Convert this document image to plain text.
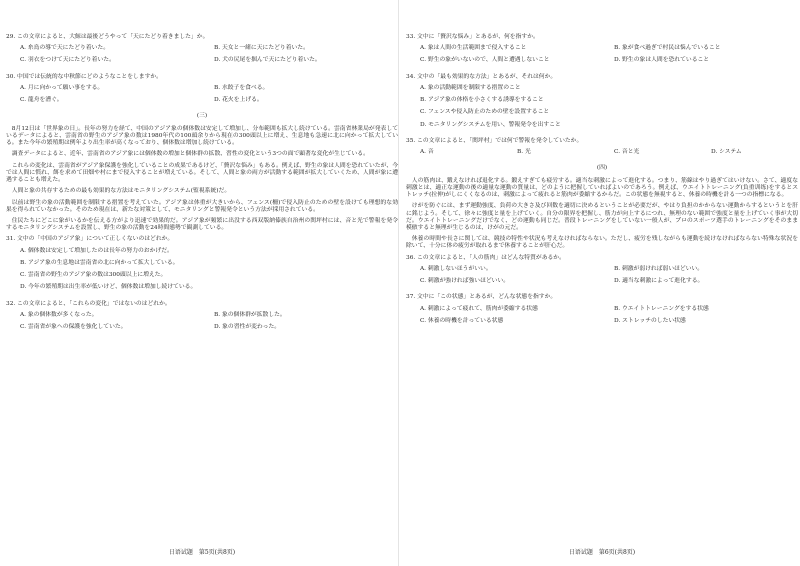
29. この文章によると、大鯨は最後どうやって「天にたどり着きました」か。

A. 糸鳥の導で天にたどり着いた。	B. 天女と一緒に天にたどり着いた。

C. 羽衣をつけて天にたどり着いた。	D. 犬の尻尾を掴んで天にたどり着いた。

30. 中国では伝統的な中秋節にどのようなことをしますか。

A. 月に向かって願い事をする。	B. 水餃子を食べる。

C. 龍舟を漕ぐ。	D. 花火を上げる。

(三)

8月12日は「世界象の日」。長年の努力を経て、中国のアジア象の個体数は安定して増加し、分布範囲も拡大し続けている。雲南省林業局が発表しているデータによると、雲南省の野生のアジア象の数は1980年代の100頭余りから現在の300頭以上に増え、生息地も急速に北に向かって拡大している。また今年の繁殖期は例年より出生率が高くなっており、個体数は増加し続けている。

調査データによると、近年、雲南省のアジア象には個体数の増加と個体群の拡散、習性の変化という3つの面で顕著な変化が生じている。

これらの変化は、雲南省がアジア象保護を強化していることの成果であるけど、「贅沢な悩み」もある。例えば、野生の象は人間を恐れていたが、今では人間に慣れ、餌を求めて田畑や村にまで侵入することが増えている。そして、人間と象の両方が活動する範囲が拡大していくため、人間が象に遭遇することも増えた。

人間と象の共存するための最も効果的な方法はモニタリングシステム(監視系統)だ。

以前は野生の象の活動範囲を制限する措置を考えていた。アジア象は体重が大きいから、フェンス(柵)で侵入防止のための壁を設けても理想的な効果を得られていなかった。そのため現在は、新たな対策として、モニタリングと警報発令という方法が採用されている。

住民たちにどこに象がいるかを伝える方がより迅速で効果的だ。アジア象が頻繁に出没する西双版納傣族自治州の関坪村には、音と光で警報を発令するモニタリングシステムを設置し、野生の象の活動を24時間態勢で観測している。

31. 文中の「中国のアジア象」について正しくないのはどれか。

A. 個体数は安定して増加したのは長年の努力のおかげだ。

B. アジア象の生息地は雲南省の北に向かって拡大している。

C. 雲南省の野生のアジア象の数は300頭以上に増えた。

D. 今年の繁殖期は出生率が低いけど、個体数は増加し続けている。

32. この文章によると、「これらの変化」ではないのはどれか。

A. 象の個体数が多くなった。	B. 象の個体群が拡散した。

C. 雲南省が象への保護を強化していた。	D. 象の習性が変わった。

日语试题　第5页(共8页)

33. 文中に「贅沢な悩み」とあるが、何を指すか。

A. 象は人間の生活範囲まで侵入すること	B. 象が食べ過ぎで村民は悩んでいること

C. 野生の象がいないので、人間と遭遇しないこと	D. 野生の象は人間を恐れていること

34. 文中の「最も効果的な方法」とあるが、それは何か。

A. 象の活動範囲を制限する措置のこと

B. アジア象の体格を小さくする誘導をすること

C. フェンスや侵入防止のための壁を設置すること

D. モニタリングシステムを用い、警報発令を出すこと

35. この文章によると、「関坪村」では何で警報を発令していたか。

A. 音	B. 光	C. 音と光	D. システム

(四)

人の筋肉は、鍛えなければ退化する。鍛えすぎても疲労する。適当な刺激によって進化する。つまり、筋線はやり過ぎてはいけない。さて、適度な刺激とは、適正な運動の後の適量な運動の質量は、どのように把握していればよいのであろう。例えば、ウエイトトレーニング(負重训练)をするとストレッチ(拉伸)がしにくくなるのは、刺激によって疲れると筋肉が委縮するからだ。この状態を無視すると、休養の時機を計る一つの指標になる。

けがを防ぐには、まず運動強度、負荷の大きさ及び回数を適切に決めるということが必要だが、やはり負担のかからない運動からするというとを肝に銘じよう。そして、徐々に強度と量を上げていく。自分の限界を把握し、筋力が向上するにつれ、無理のない範囲で強度と量を上げていく事が大切だ。ウエイトトレーニングだけでなく、どの運動も同じだ。普段トレーニングをしていない一般人が、プロのスポーツ選手のトレーニングをそのまま模倣すると無理が生じるのは、けがの元だ。

休養の時間や長さに関しては、競技の特性や状況も考えなければならない。ただし、疲労を残しながらも運動を続けなければならない特殊な状況を除いて、十分に体の疲労が取れるまで休養することが肝心だ。

36. この文章によると、「人の筋肉」はどんな特質があるか。

A. 刺激しないほうがいい。	B. 刺激が弱ければ弱いほどいい。

C. 刺激が強ければ強いほどいい。	D. 適当な刺激によって進化する。

37. 文中に「この状態」とあるが、どんな状態を指すか。

A. 刺激によって疲れて、筋肉が委縮する状態	B. ウエイトトレーニングをする状態

C. 休養の時機を計っている状態	D. ストレッチのしたい状態

日语试题　第6页(共8页)
